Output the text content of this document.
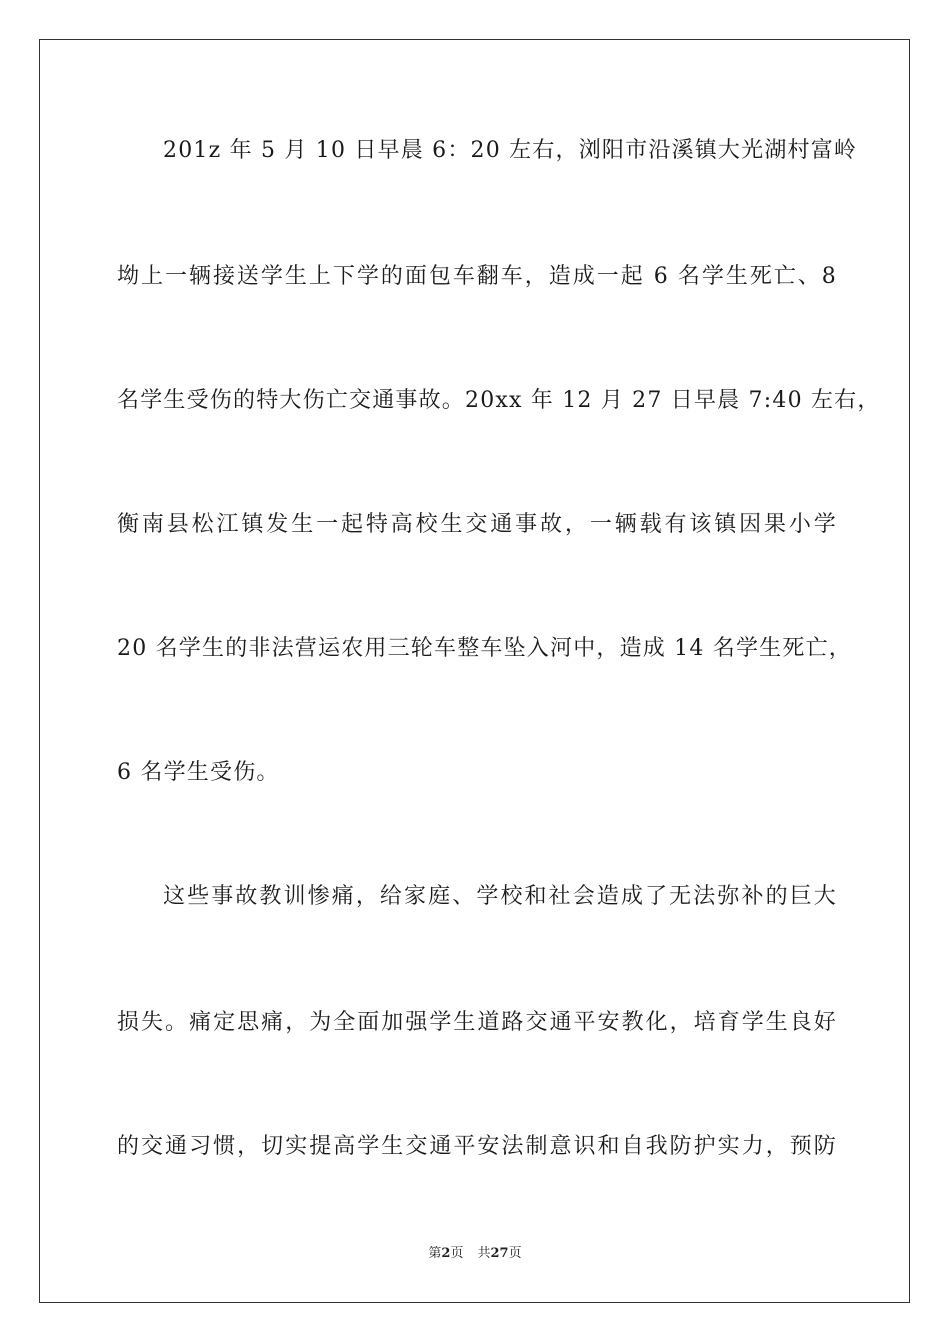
201z 年 5 月 10 日早晨 6：20 左右，浏阳市沿溪镇大光湖村富岭
坳上一辆接送学生上下学的面包车翻车，造成一起 6 名学生死亡、8
名学生受伤的特大伤亡交通事故。20xx 年 12 月 27 日早晨 7:40 左右，
衡南县松江镇发生一起特高校生交通事故，一辆载有该镇因果小学
20 名学生的非法营运农用三轮车整车坠入河中，造成 14 名学生死亡，
6 名学生受伤。
这些事故教训惨痛，给家庭、学校和社会造成了无法弥补的巨大
损失。痛定思痛，为全面加强学生道路交通平安教化，培育学生良好
的交通习惯，切实提高学生交通平安法制意识和自我防护实力，预防
第2页 共27页
